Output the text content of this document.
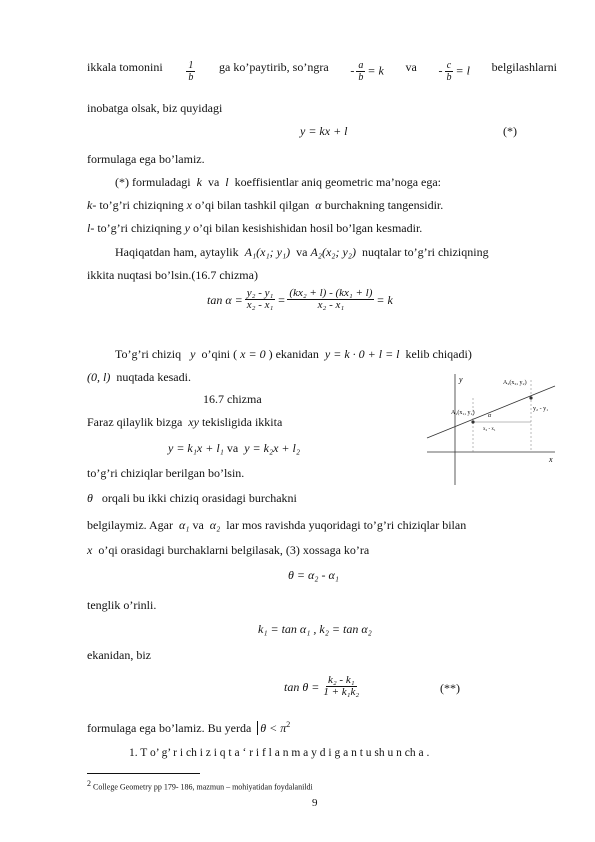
ikkala tomonini $\frac{1}{b}$ ga ko’paytirib, so’ngra - $\frac{a}{b} = k$ va - $\frac{c}{b} = l$ belgilashlarni
inobatga olsak, biz quyidagi
y = kx + l	(*)
formulaga ega bo’lamiz.
(*) formuladagi k va l koeffisientlar aniq geometric ma’noga ega:
k- to’g’ri chiziqning x o’qi bilan tashkil qilgan α burchakning tangensidir.
l- to’g’ri chiziqning y o’qi bilan kesishishidan hosil bo’lgan kesmadir.
Haqiqatdan ham, aytaylik A₁(x₁; y₁) va A₂(x₂; y₂) nuqtalar to’g’ri chiziqning
ikkita nuqtasi bo’lsin.(16.7 chizma)
$\tan \alpha = \frac{\text{y₂ - y₁}}{\text{x₂ - x₁}} = \frac{\text{(kx₂ + l) - (kx₁ + l)}}{\text{x₂ - x₁}} = k$
To’g’ri chiziq y o’qini ( x = 0 ) ekanidan y = k · 0 + l = l kelib chiqadi)
(0, l) nuqtada kesadi.
16.7 chizma
Faraz qilaylik bizga xy tekisligida ikkita
y = k₁x + l₁ va y = k₂x + l₂
to’g’ri chiziqlar berilgan bo’lsin.
θ orqali bu ikki chiziq orasidagi burchakni
belgilaymiz. Agar α₁ va α₂ lar mos ravishda yuqoridagi to’g’ri chiziqlar bilan
x o’qi orasidagi burchaklarni belgilasak, (3) xossaga ko’ra
θ = α₂ - α₁
tenglik o’rinli.
k₁ = tan α₁ , k₂ = tan α₂
ekanidan, biz
$\tan \theta = \frac{\text{k₂ - k₁}}{\text{1 + k₁k₂}}$	(**)
formulaga ega bo’lamiz. Bu yerda $\theta < \pi^2$
1. T o’ g’ r i ch i z i q t a ‘ r i f l a n m a y d i g a n t u sh u n ch a .
y
x
A₁(x₁, y₁)
A₂(x₂, y₂)
y₂ - y₁
x₂ - x₁
α
$^2$ College Geometry pp 179- 186, mazmun – mohiyatidan foydalanildi
9
